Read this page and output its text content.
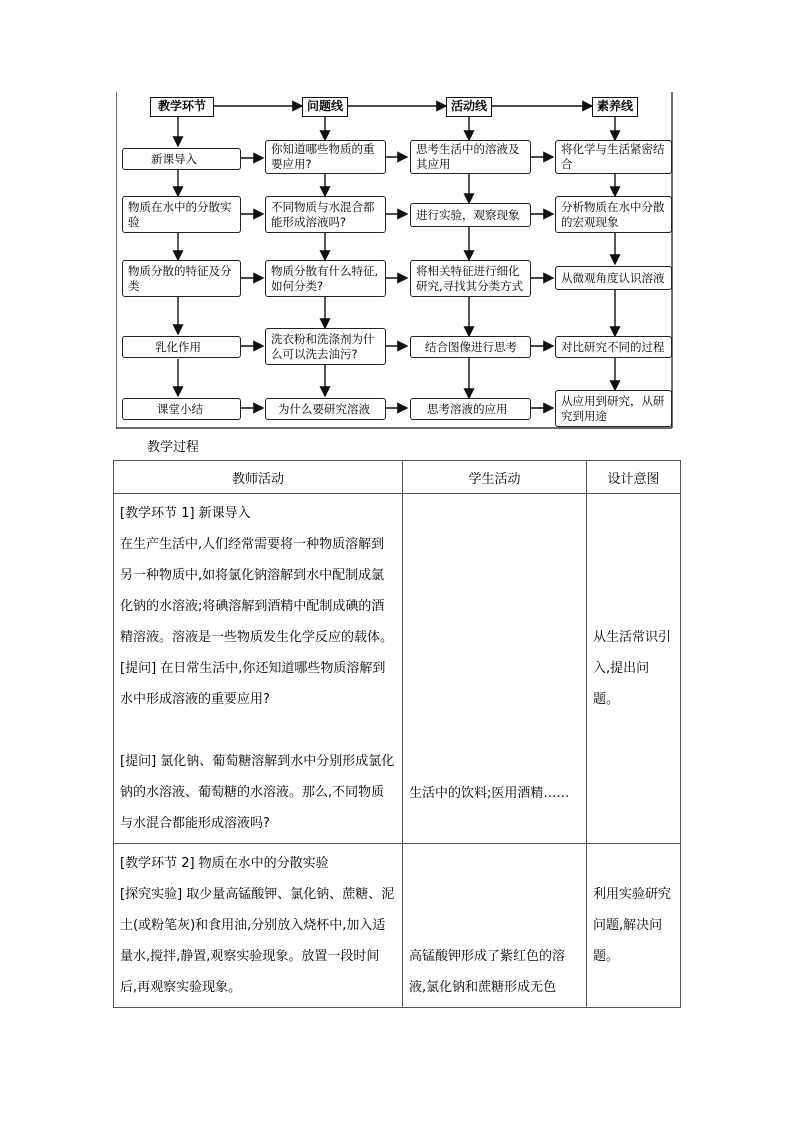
教学环节	问题线	活动线	素养线
新课导入
你知道哪些物质的重要应用?
思考生活中的溶液及其应用
将化学与生活紧密结合
物质在水中的分散实验
不同物质与水混合都能形成溶液吗?	进行实验，观察现象
分析物质在水中分散的宏观现象
物质分散的特征及分类
物质分散有什么特征,如何分类?
将相关特征进行细化研究,寻找其分类方式
从微观角度认识溶液
乳化作用
洗衣粉和洗涤剂为什么可以洗去油污?	结合图像进行思考	对比研究不同的过程
课堂小结	为什么要研究溶液	思考溶液的应用
从应用到研究，从研究到用途
教学过程
教师活动	学生活动	设计意图

[教学环节 1] 新课导入

在生产生活中,人们经常需要将一种物质溶解到另一种物质中,如将氯化钠溶解到水中配制成氯化钠的水溶液;将碘溶解到酒精中配制成碘的酒精溶液。溶液是一些物质发生化学反应的载体。

[提问] 在日常生活中,你还知道哪些物质溶解到水中形成溶液的重要应用?

[提问] 氯化钠、葡萄糖溶解到水中分别形成氯化钠的水溶液、葡萄糖的水溶液。那么,不同物质与水混合都能形成溶液吗?	生活中的饮料;医用酒精……	从生活常识引入,提出问题。

[教学环节 2] 物质在水中的分散实验

[探究实验] 取少量高锰酸钾、氯化钠、蔗糖、泥土(或粉笔灰)和食用油,分别放入烧杯中,加入适量水,搅拌,静置,观察实验现象。放置一段时间后,再观察实验现象。	高锰酸钾形成了紫红色的溶液,氯化钠和蔗糖形成无色	利用实验研究问题,解决问题。
